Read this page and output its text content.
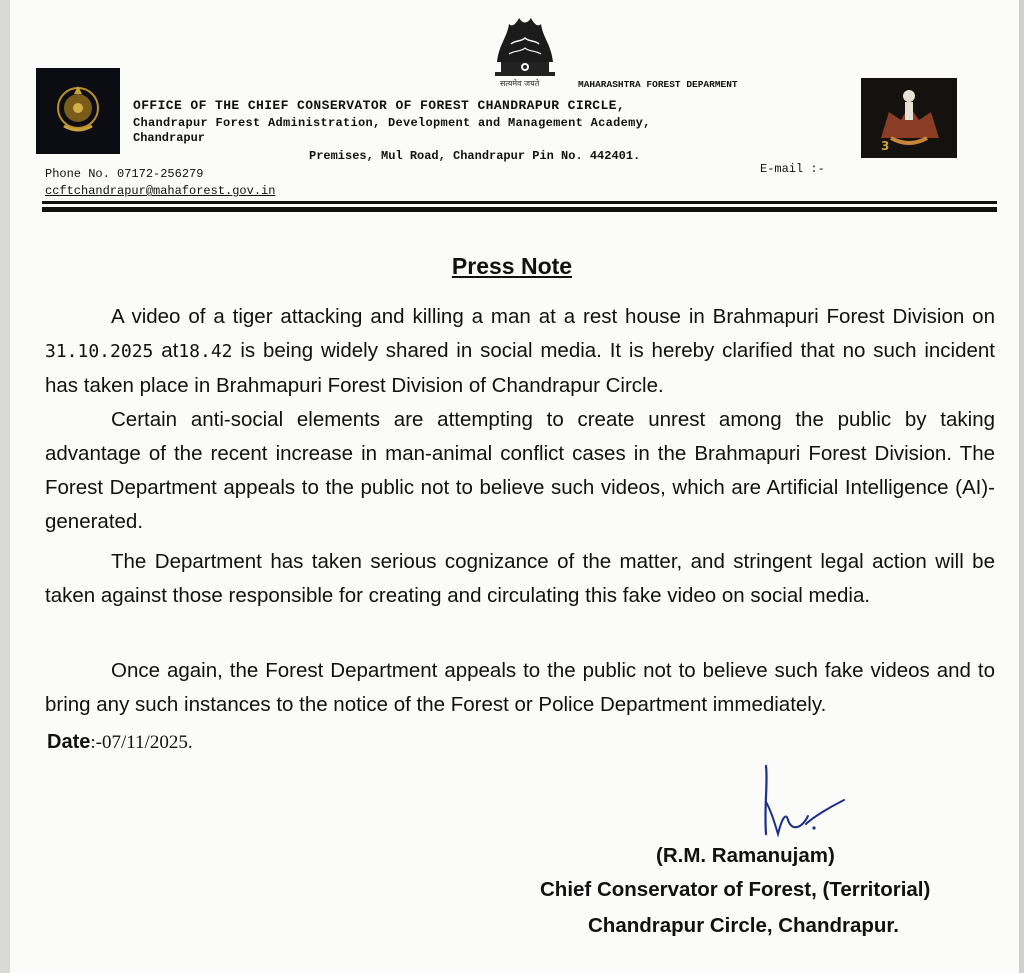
सत्यमेव जयते
3
MAHARASHTRA FOREST DEPARMENT
OFFICE OF THE CHIEF CONSERVATOR OF FOREST CHANDRAPUR CIRCLE,
Chandrapur Forest Administration, Development and Management Academy,
Chandrapur
Premises, Mul Road, Chandrapur Pin No. 442401.
Phone No. 07172-256279	E-mail :-
ccftchandrapur@mahaforest.gov.in
Press Note
A video of a tiger attacking and killing a man at a rest house in Brahmapuri Forest Division on 31.10.2025 at18.42 is being widely shared in social media. It is hereby clarified that no such incident has taken place in Brahmapuri Forest Division of Chandrapur Circle.
Certain anti-social elements are attempting to create unrest among the public by taking advantage of the recent increase in man-animal conflict cases in the Brahmapuri Forest Division. The Forest Department appeals to the public not to believe such videos, which are Artificial Intelligence (AI)-generated.
The Department has taken serious cognizance of the matter, and stringent legal action will be taken against those responsible for creating and circulating this fake video on social media.
Once again, the Forest Department appeals to the public not to believe such fake videos and to bring any such instances to the notice of the Forest or Police Department immediately.
Date:-07/11/2025.
(R.M. Ramanujam)
Chief Conservator of Forest, (Territorial)
Chandrapur Circle, Chandrapur.
